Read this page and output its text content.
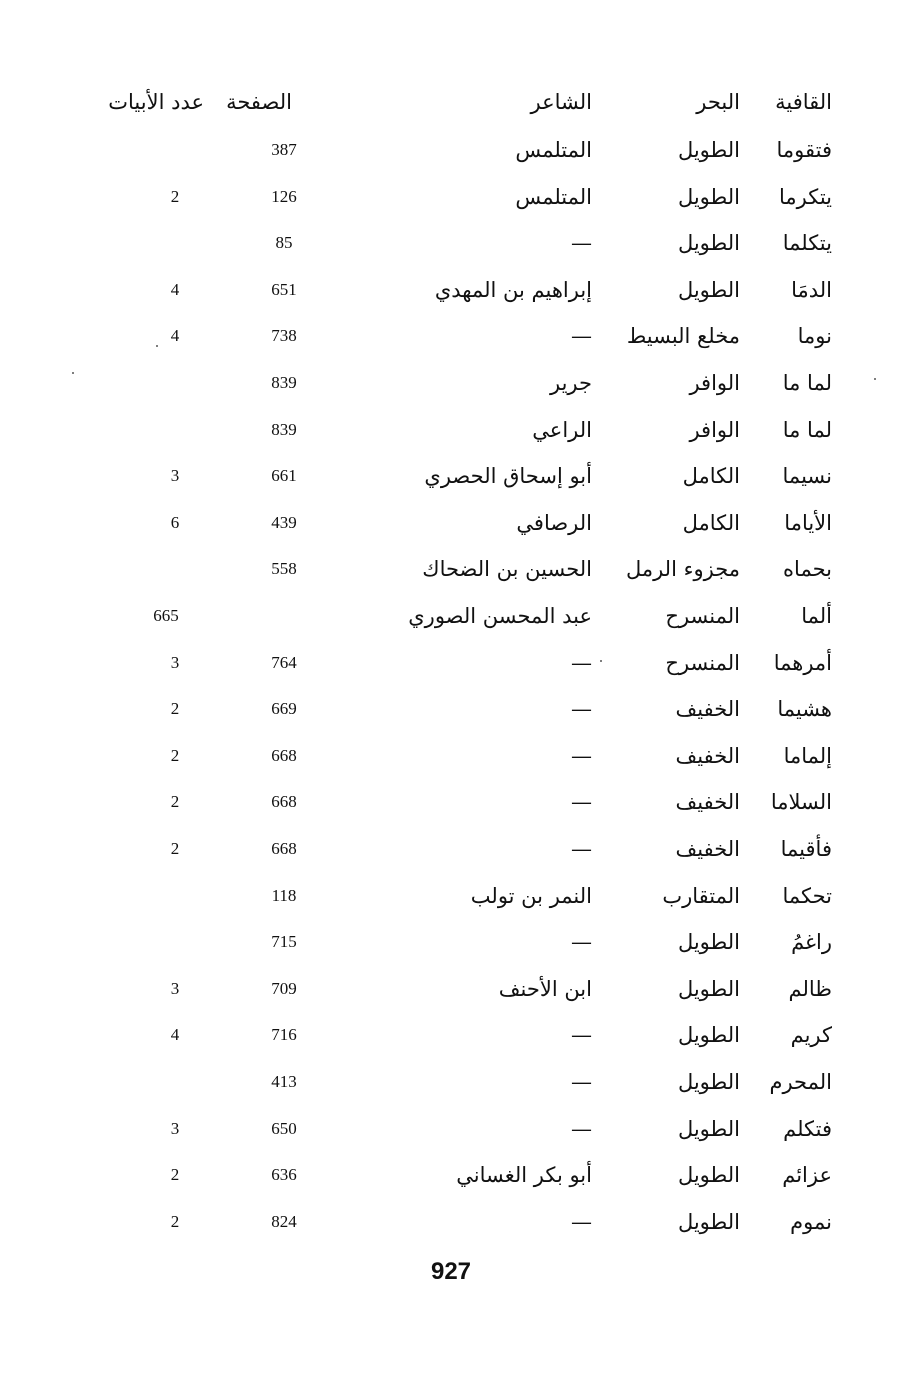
القافية
البحر
الشاعر
الصفحة
عدد الأبيات
فتقوما
الطويل
المتلمس
387
يتكرما
الطويل
المتلمس
126
2
يتكلما
الطويل
—
85
الدمَا
الطويل
إبراهيم بن المهدي
651
4
نوما
مخلع البسيط
—
738
4
لما ما
الوافر
جرير
839
لما ما
الوافر
الراعي
839
نسيما
الكامل
أبو إسحاق الحصري
661
3
الأياما
الكامل
الرصافي
439
6
بحماه
مجزوء الرمل
الحسين بن الضحاك
558
ألما
المنسرح
عبد المحسن الصوري
665
أمرهما
المنسرح
—
764
3
هشيما
الخفيف
—
669
2
إلماما
الخفيف
—
668
2
السلاما
الخفيف
—
668
2
فأقيما
الخفيف
—
668
2
تحكما
المتقارب
النمر بن تولب
118
راغمُ
الطويل
—
715
ظالم
الطويل
ابن الأحنف
709
3
كريم
الطويل
—
716
4
المحرم
الطويل
—
413
فتكلم
الطويل
—
650
3
عزائم
الطويل
أبو بكر الغساني
636
2
نموم
الطويل
—
824
2
927
